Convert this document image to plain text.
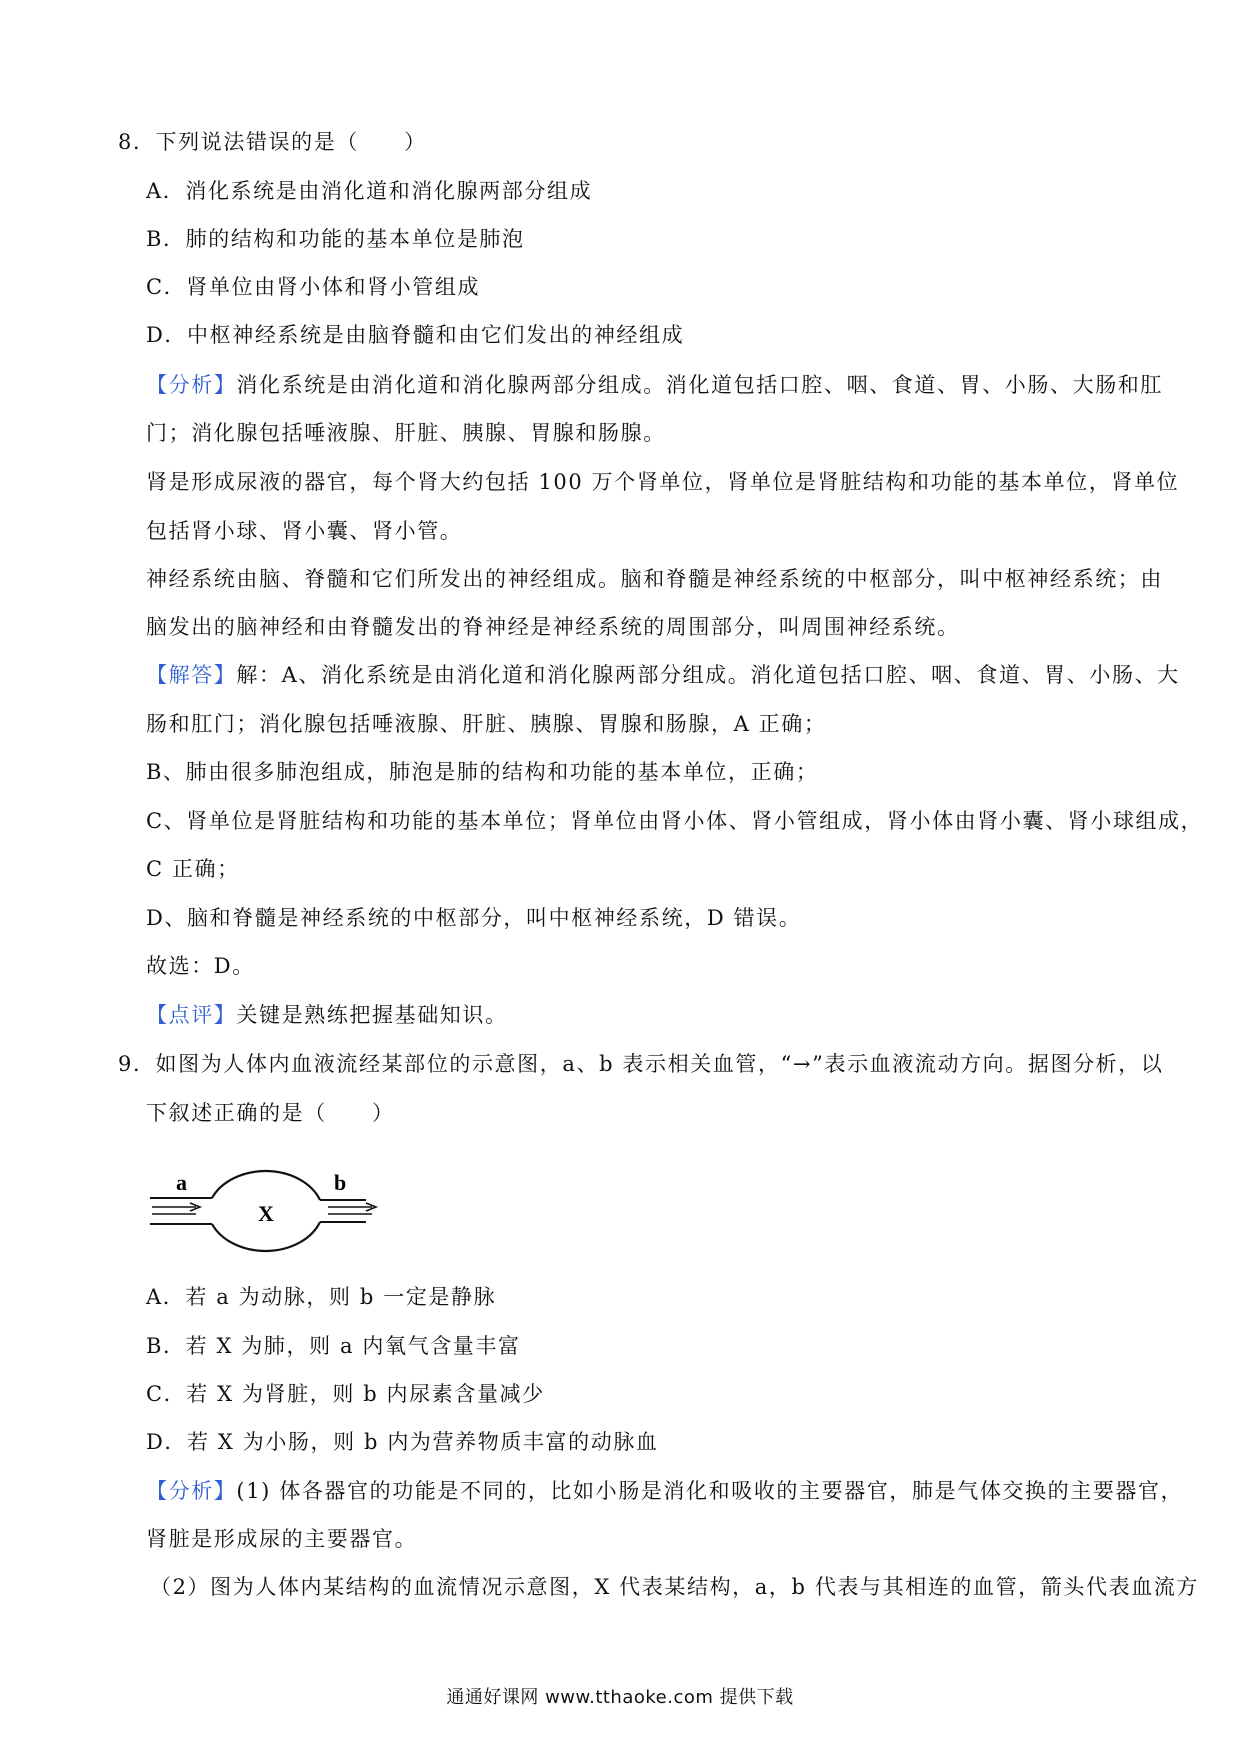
8．下列说法错误的是（　　）
A．消化系统是由消化道和消化腺两部分组成
B．肺的结构和功能的基本单位是肺泡
C．肾单位由肾小体和肾小管组成
D．中枢神经系统是由脑脊髓和由它们发出的神经组成
【分析】消化系统是由消化道和消化腺两部分组成。消化道包括口腔、咽、食道、胃、小肠、大肠和肛
门；消化腺包括唾液腺、肝脏、胰腺、胃腺和肠腺。
肾是形成尿液的器官，每个肾大约包括 100 万个肾单位，肾单位是肾脏结构和功能的基本单位，肾单位
包括肾小球、肾小囊、肾小管。
神经系统由脑、脊髓和它们所发出的神经组成。脑和脊髓是神经系统的中枢部分，叫中枢神经系统；由
脑发出的脑神经和由脊髓发出的脊神经是神经系统的周围部分，叫周围神经系统。
【解答】解：A、消化系统是由消化道和消化腺两部分组成。消化道包括口腔、咽、食道、胃、小肠、大
肠和肛门；消化腺包括唾液腺、肝脏、胰腺、胃腺和肠腺，A 正确；
B、肺由很多肺泡组成，肺泡是肺的结构和功能的基本单位，正确；
C、肾单位是肾脏结构和功能的基本单位；肾单位由肾小体、肾小管组成，肾小体由肾小囊、肾小球组成，
C 正确；
D、脑和脊髓是神经系统的中枢部分，叫中枢神经系统，D 错误。
故选：D。
【点评】关键是熟练把握基础知识。
9．如图为人体内血液流经某部位的示意图，a、b 表示相关血管，“→”表示血液流动方向。据图分析，以
下叙述正确的是（　　）
a
X
b
A．若 a 为动脉，则 b 一定是静脉
B．若 X 为肺，则 a 内氧气含量丰富
C．若 X 为肾脏，则 b 内尿素含量减少
D．若 X 为小肠，则 b 内为营养物质丰富的动脉血
【分析】(1) 体各器官的功能是不同的，比如小肠是消化和吸收的主要器官，肺是气体交换的主要器官，
肾脏是形成尿的主要器官。
（2）图为人体内某结构的血流情况示意图，X 代表某结构，a，b 代表与其相连的血管，箭头代表血流方
通通好课网 www.tthaoke.com 提供下载
